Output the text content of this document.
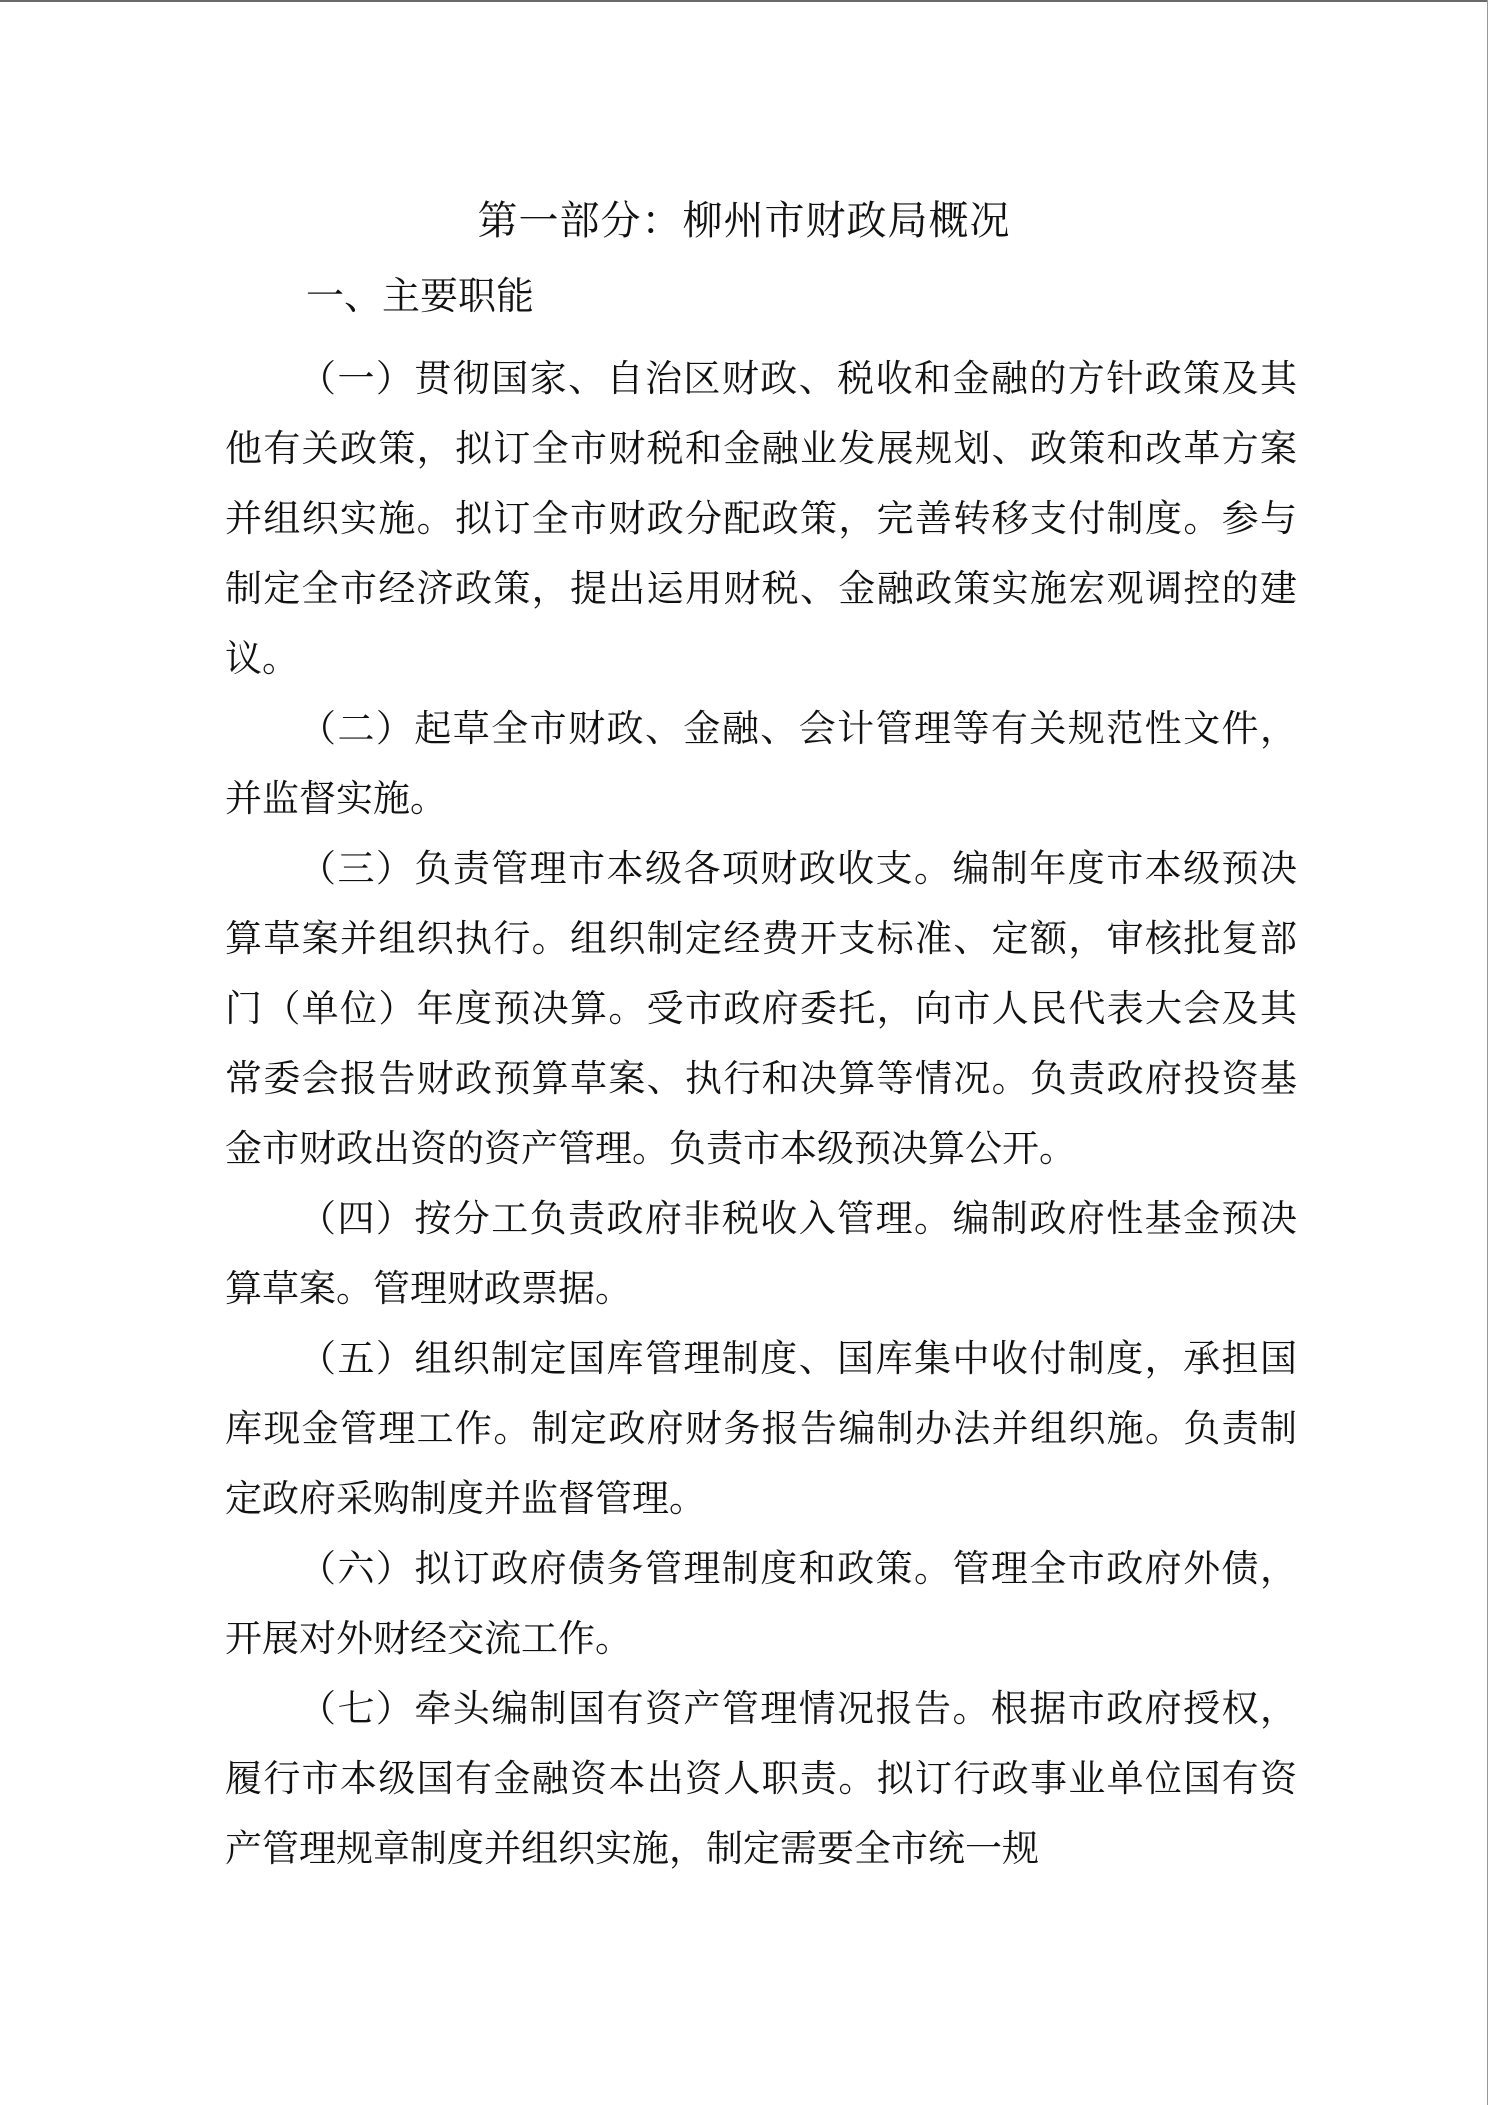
第一部分：柳州市财政局概况
一、主要职能

（一）贯彻国家、自治区财政、税收和金融的方针政策及其他有关政策，拟订全市财税和金融业发展规划、政策和改革方案并组织实施。拟订全市财政分配政策，完善转移支付制度。参与制定全市经济政策，提出运用财税、金融政策实施宏观调控的建议。

（二）起草全市财政、金融、会计管理等有关规范性文件，并监督实施。

（三）负责管理市本级各项财政收支。编制年度市本级预决算草案并组织执行。组织制定经费开支标准、定额，审核批复部门（单位）年度预决算。受市政府委托，向市人民代表大会及其常委会报告财政预算草案、执行和决算等情况。负责政府投资基金市财政出资的资产管理。负责市本级预决算公开。

（四）按分工负责政府非税收入管理。编制政府性基金预决算草案。管理财政票据。

（五）组织制定国库管理制度、国库集中收付制度，承担国库现金管理工作。制定政府财务报告编制办法并组织施。负责制定政府采购制度并监督管理。

（六）拟订政府债务管理制度和政策。管理全市政府外债，开展对外财经交流工作。

（七）牵头编制国有资产管理情况报告。根据市政府授权，履行市本级国有金融资本出资人职责。拟订行政事业单位国有资产管理规章制度并组织实施，制定需要全市统一规
